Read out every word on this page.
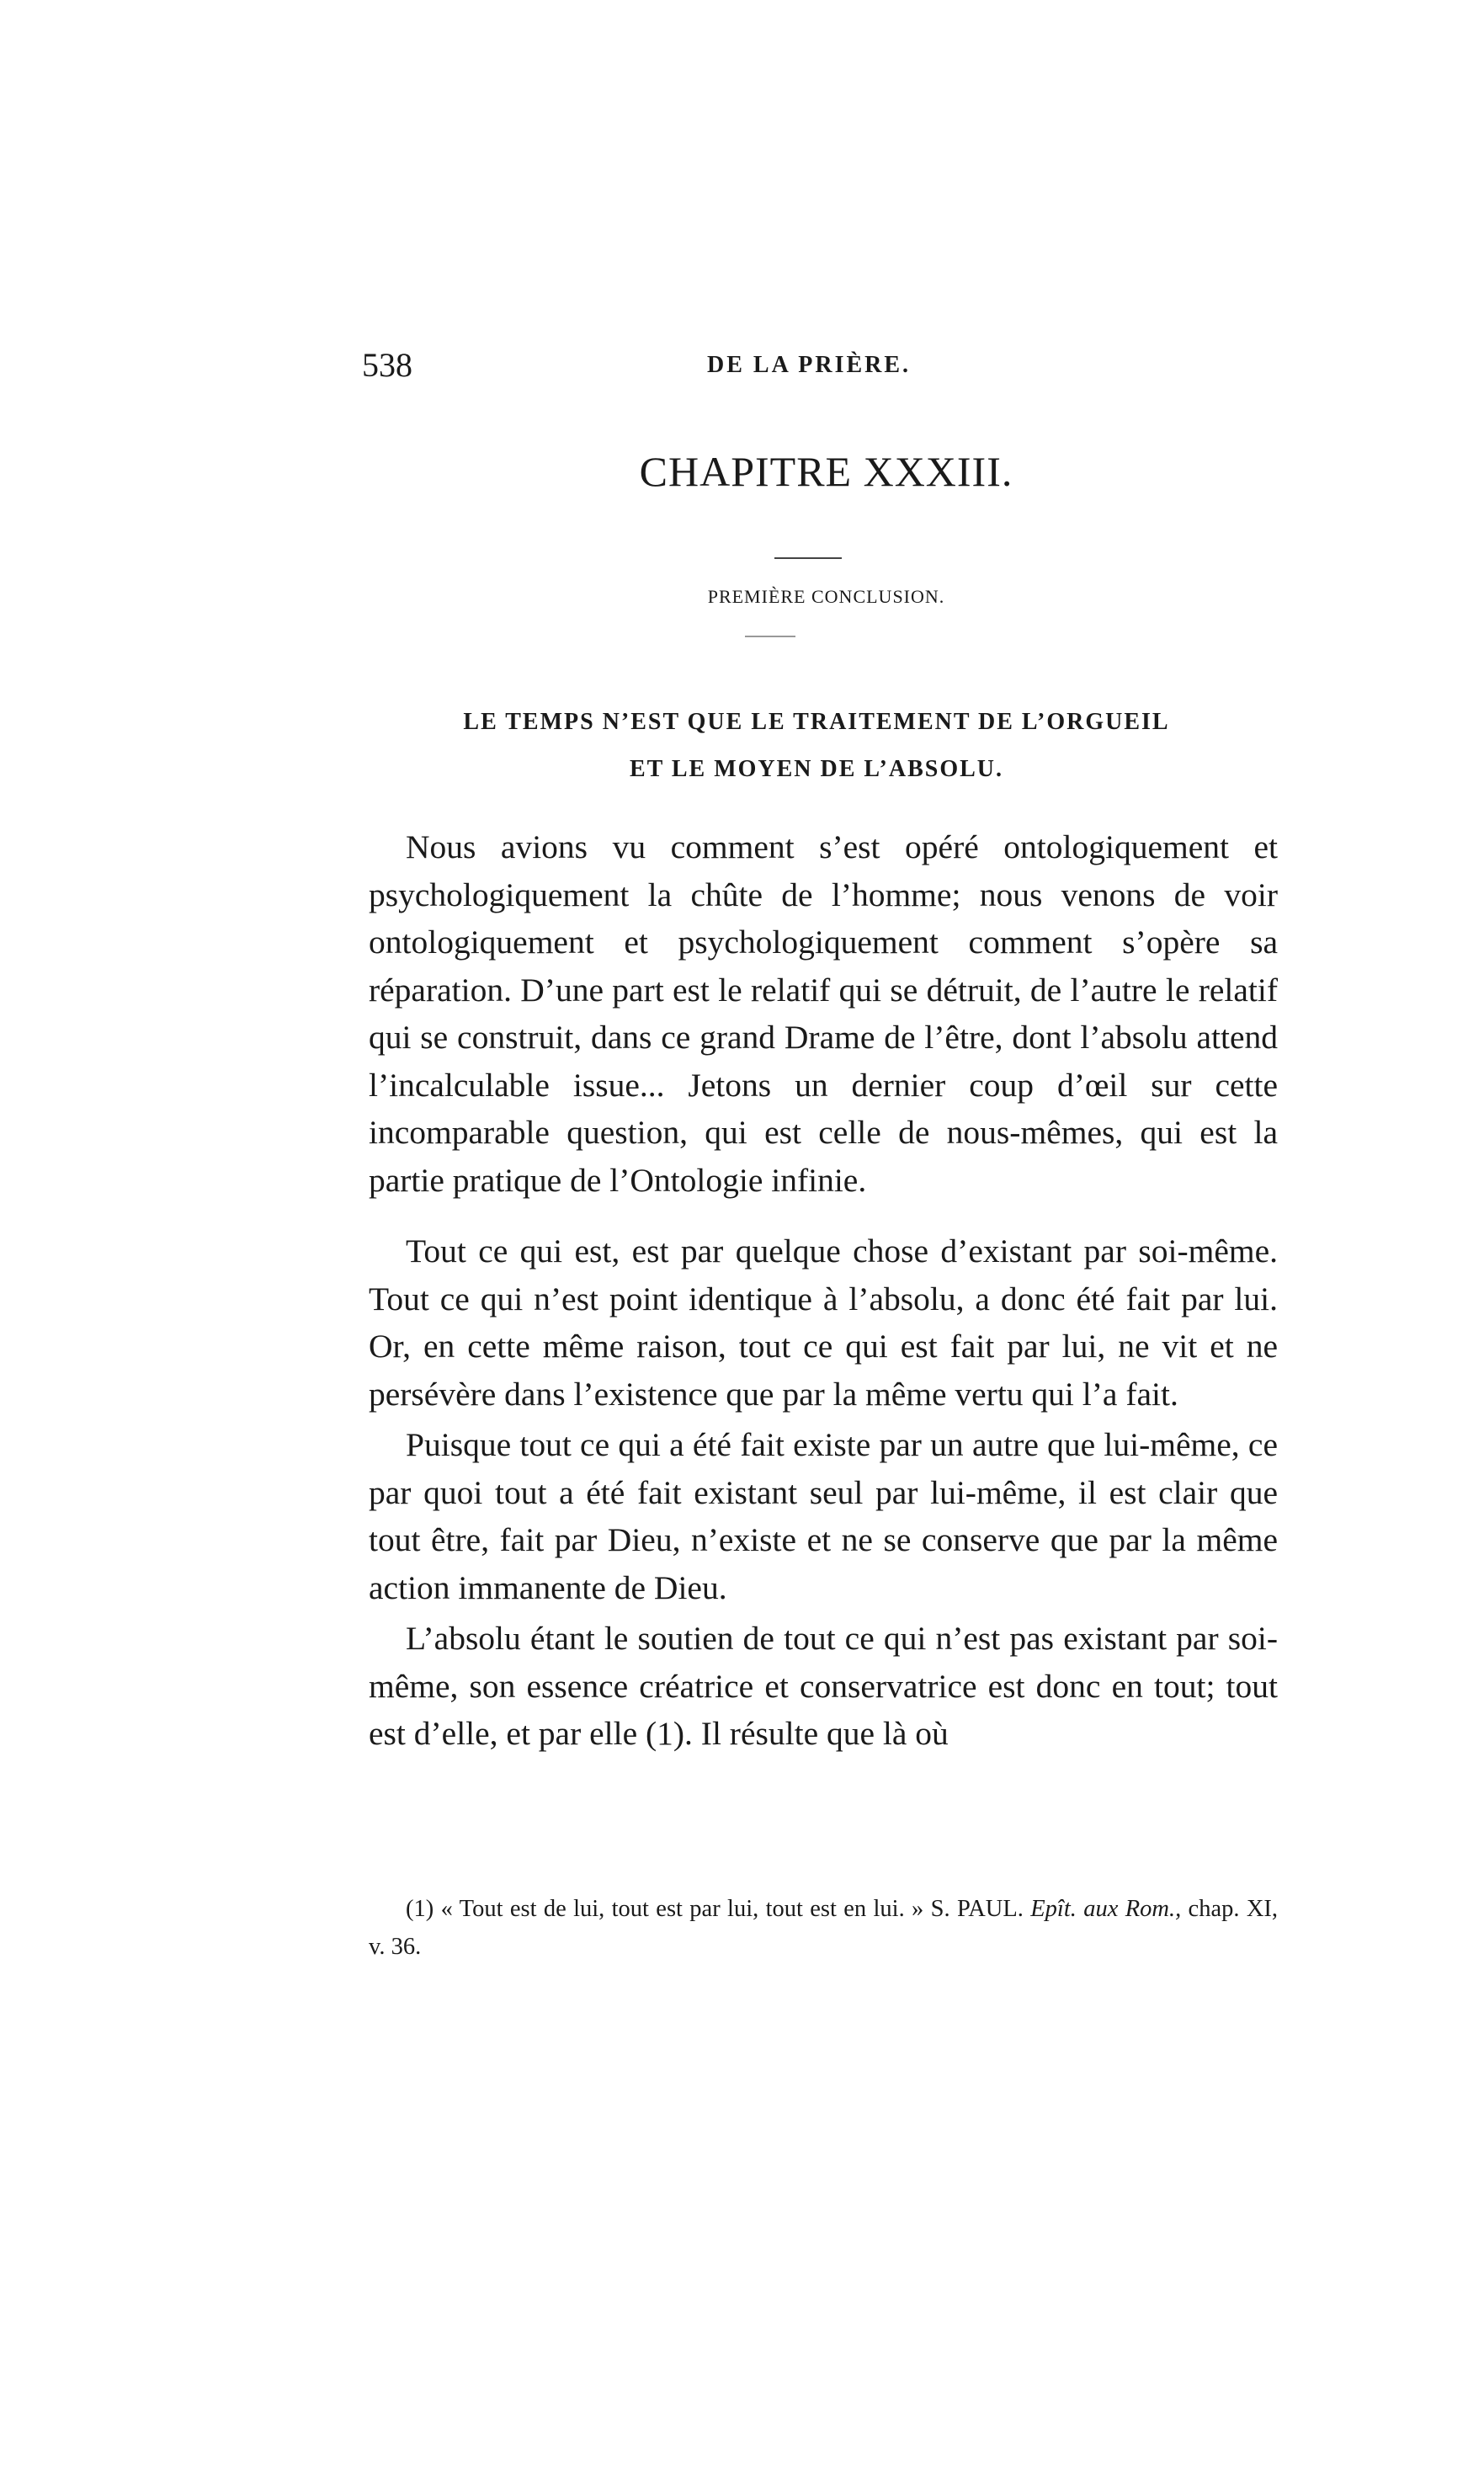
538	DE LA PRIÈRE.
CHAPITRE XXXIII.
PREMIÈRE CONCLUSION.
LE TEMPS N’EST QUE LE TRAITEMENT DE L’ORGUEIL
ET LE MOYEN DE L’ABSOLU.

Nous avions vu comment s’est opéré ontologiquement et psychologiquement la chûte de l’homme; nous venons de voir ontologiquement et psychologiquement comment s’opère sa réparation. D’une part est le relatif qui se détruit, de l’autre le relatif qui se construit, dans ce grand Drame de l’être, dont l’absolu attend l’incalculable issue... Jetons un dernier coup d’œil sur cette incomparable question, qui est celle de nous-mêmes, qui est la partie pratique de l’Ontologie infinie.

Tout ce qui est, est par quelque chose d’existant par soi-même. Tout ce qui n’est point identique à l’absolu, a donc été fait par lui. Or, en cette même raison, tout ce qui est fait par lui, ne vit et ne persévère dans l’existence que par la même vertu qui l’a fait.

Puisque tout ce qui a été fait existe par un autre que lui-même, ce par quoi tout a été fait existant seul par lui-même, il est clair que tout être, fait par Dieu, n’existe et ne se conserve que par la même action immanente de Dieu.

L’absolu étant le soutien de tout ce qui n’est pas existant par soi-même, son essence créatrice et conservatrice est donc en tout; tout est d’elle, et par elle (1). Il résulte que là où

(1) « Tout est de lui, tout est par lui, tout est en lui. » S. PAUL. Epît. aux Rom., chap. XI, v. 36.
